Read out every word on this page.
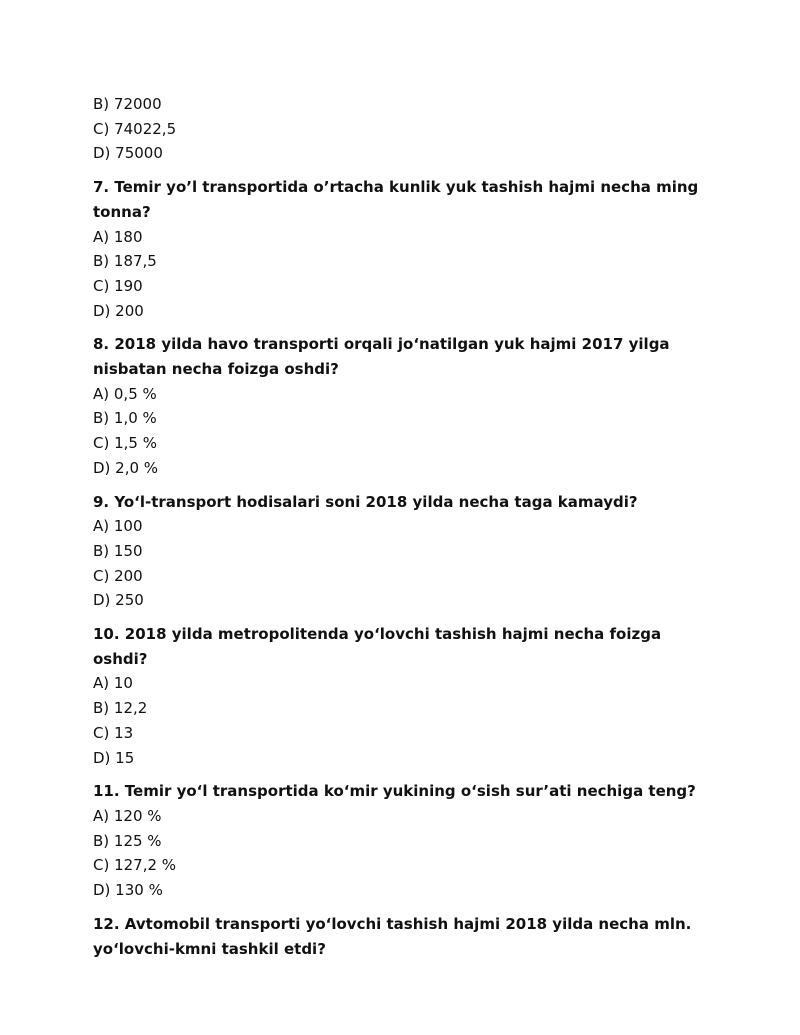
B) 72000

C) 74022,5

D) 75000

7. Temir yo’l transportida o’rtacha kunlik yuk tashish hajmi necha ming tonna?

A) 180

B) 187,5

C) 190

D) 200

8. 2018 yilda havo transporti orqali jo‘natilgan yuk hajmi 2017 yilga nisbatan necha foizga oshdi?

A) 0,5 %

B) 1,0 %

C) 1,5 %

D) 2,0 %

9. Yo‘l-transport hodisalari soni 2018 yilda necha taga kamaydi?

A) 100

B) 150

C) 200

D) 250

10. 2018 yilda metropolitenda yo‘lovchi tashish hajmi necha foizga oshdi?

A) 10

B) 12,2

C) 13

D) 15

11. Temir yo‘l transportida ko‘mir yukining o‘sish sur’ati nechiga teng?

A) 120 %

B) 125 %

C) 127,2 %

D) 130 %

12. Avtomobil transporti yo‘lovchi tashish hajmi 2018 yilda necha mln. yo‘lovchi-kmni tashkil etdi?
